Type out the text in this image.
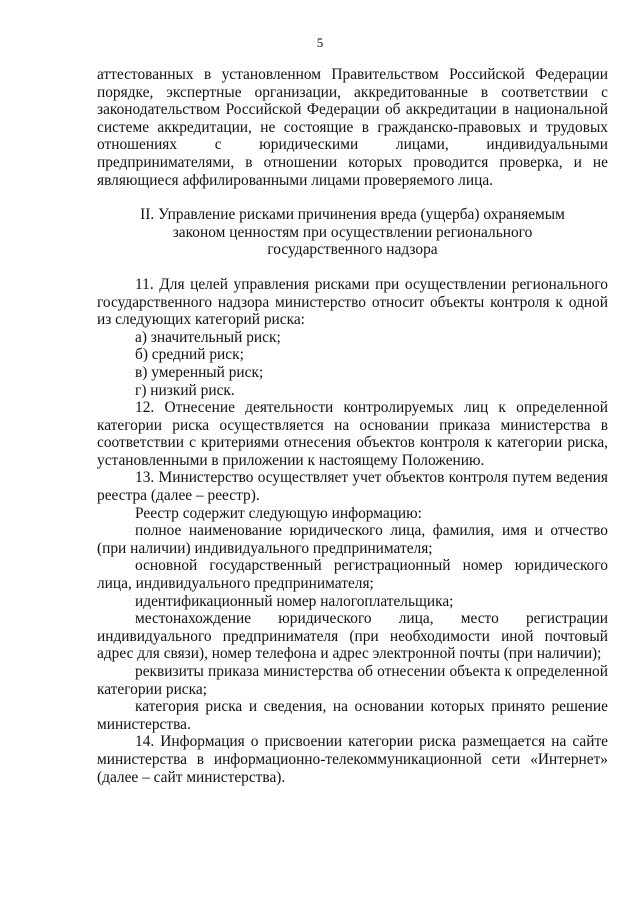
5

аттестованных в установленном Правительством Российской Федерации порядке, экспертные организации, аккредитованные в соответствии с законодательством Российской Федерации об аккредитации в национальной системе аккредитации, не состоящие в гражданско-правовых и трудовых отношениях с юридическими лицами, индивидуальными предпринимателями, в отношении которых проводится проверка, и не являющиеся аффилированными лицами проверяемого лица.

II. Управление рисками причинения вреда (ущерба) охраняемым законом ценностям при осуществлении регионального государственного надзора

11. Для целей управления рисками при осуществлении регионального государственного надзора министерство относит объекты контроля к одной из следующих категорий риска:

а) значительный риск;

б) средний риск;

в) умеренный риск;

г) низкий риск.

12. Отнесение деятельности контролируемых лиц к определенной категории риска осуществляется на основании приказа министерства в соответствии с критериями отнесения объектов контроля к категории риска, установленными в приложении к настоящему Положению.

13. Министерство осуществляет учет объектов контроля путем ведения реестра (далее – реестр).

Реестр содержит следующую информацию:

полное наименование юридического лица, фамилия, имя и отчество (при наличии) индивидуального предпринимателя;

основной государственный регистрационный номер юридического лица, индивидуального предпринимателя;

идентификационный номер налогоплательщика;

местонахождение юридического лица, место регистрации индивидуального предпринимателя (при необходимости иной почтовый адрес для связи), номер телефона и адрес электронной почты (при наличии);

реквизиты приказа министерства об отнесении объекта к определенной категории риска;

категория риска и сведения, на основании которых принято решение министерства.

14. Информация о присвоении категории риска размещается на сайте министерства в информационно-телекоммуникационной сети «Интернет» (далее – сайт министерства).
